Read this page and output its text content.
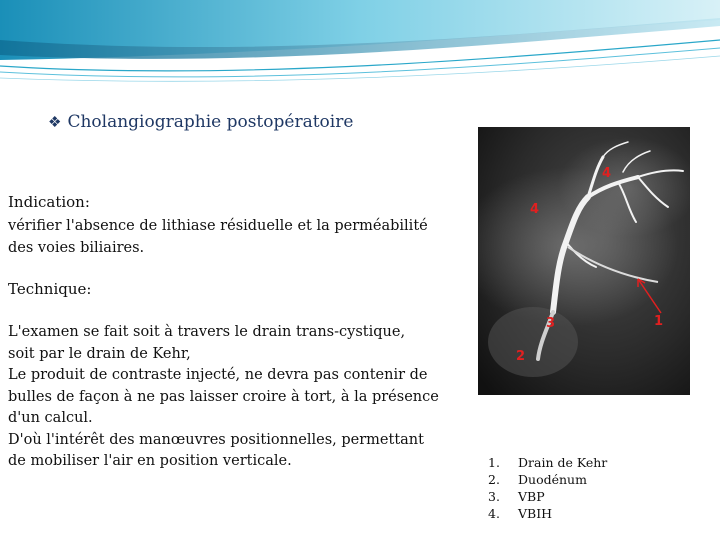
❖ Cholangiographie postopératoire
Indication:
vérifier l'absence de lithiase résiduelle et la perméabilité
des voies biliaires.
Technique:
L'examen se fait soit à travers le drain trans-cystique,
soit par le drain de Kehr,
Le produit de contraste injecté, ne devra pas contenir de
bulles de façon à ne pas laisser croire à tort, à la présence
d'un calcul.
D'où l'intérêt des manœuvres positionnelles, permettant
de mobiliser l'air en position verticale.
4
4
3
2
1
1.	Drain de Kehr
2.	Duodénum
3.	VBP
4.	VBIH
